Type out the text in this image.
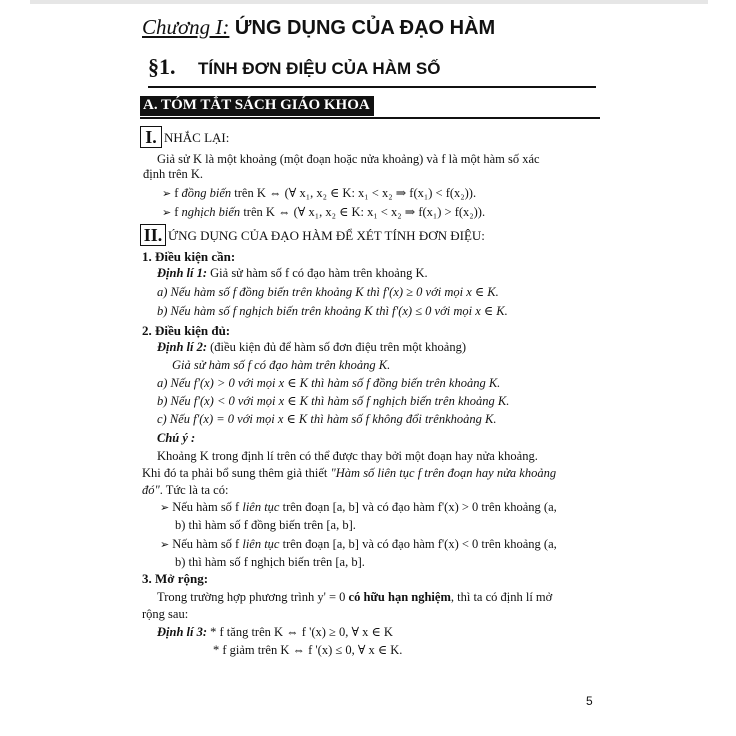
Chương I: ỨNG DỤNG CỦA ĐẠO HÀM
§1. TÍNH ĐƠN ĐIỆU CỦA HÀM SỐ
A. TÓM TẮT SÁCH GIÁO KHOA
I. NHẮC LẠI:
Giả sử K là một khoảng (một đoạn hoặc nửa khoảng) và f là một hàm số xác
định trên K.
➢ f đồng biến trên K ⇔ (∀ x₁, x₂ ∈ K: x₁ < x₂ ⇒ f(x₁) < f(x₂)).
➢ f nghịch biến trên K ⇔ (∀ x₁, x₂ ∈ K: x₁ < x₂ ⇒ f(x₁) > f(x₂)).
II. ỨNG DỤNG CỦA ĐẠO HÀM ĐỂ XÉT TÍNH ĐƠN ĐIỆU:
1. Điều kiện cần:
Định lí 1: Giả sử hàm số f có đạo hàm trên khoảng K.
a) Nếu hàm số f đồng biến trên khoảng K thì f'(x) ≥ 0 với mọi x ∈ K.
b) Nếu hàm số f nghịch biến trên khoảng K thì f'(x) ≤ 0 với mọi x ∈ K.
2. Điều kiện đủ:
Định lí 2: (điều kiện đủ để hàm số đơn điệu trên một khoảng)
Giả sử hàm số f có đạo hàm trên khoảng K.
a) Nếu f'(x) > 0 với mọi x ∈ K thì hàm số f đồng biến trên khoảng K.
b) Nếu f'(x) < 0 với mọi x ∈ K thì hàm số f nghịch biến trên khoảng K.
c) Nếu f'(x) = 0 với mọi x ∈ K thì hàm số f không đổi trênkhoảng K.
Chú ý :
Khoảng K trong định lí trên có thể được thay bởi một đoạn hay nửa khoảng.
Khi đó ta phải bổ sung thêm giả thiết "Hàm số liên tục f trên đoạn hay nửa khoảng
đó". Tức là ta có:
➢ Nếu hàm số f liên tục trên đoạn [a, b] và có đạo hàm f'(x) > 0 trên khoảng (a,
b) thì hàm số f đồng biến trên [a, b].
➢ Nếu hàm số f liên tục trên đoạn [a, b] và có đạo hàm f'(x) < 0 trên khoảng (a,
b) thì hàm số f nghịch biến trên [a, b].
3. Mở rộng:
Trong trường hợp phương trình y' = 0 có hữu hạn nghiệm, thì ta có định lí mở
rộng sau:
Định lí 3: * f tăng trên K ⇔ f '(x) ≥ 0, ∀ x ∈ K
* f giảm trên K ⇔ f '(x) ≤ 0, ∀ x ∈ K.
5
